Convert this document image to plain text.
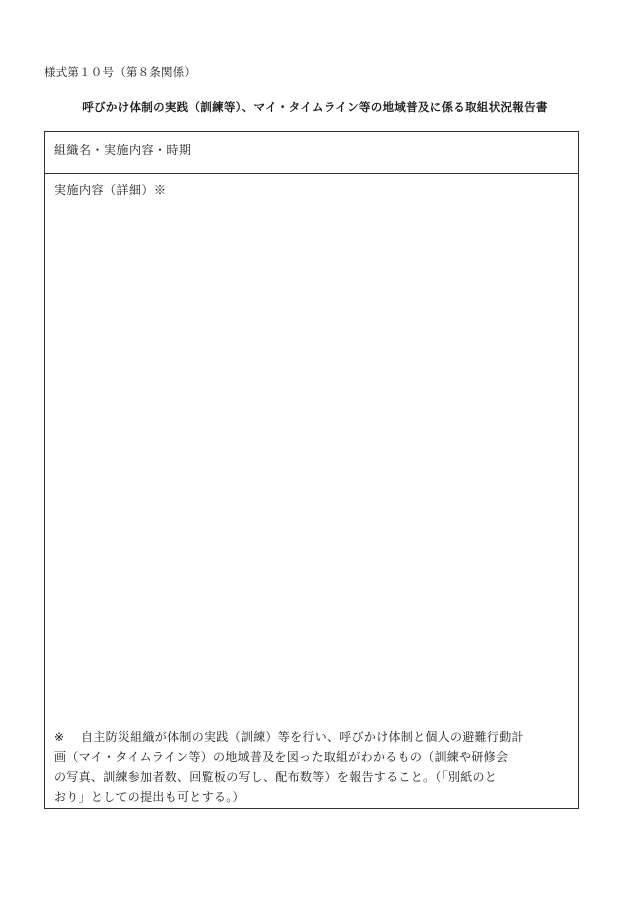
様式第１０号（第８条関係）
呼びかけ体制の実践（訓練等）、マイ・タイムライン等の地域普及に係る取組状況報告書
組織名・実施内容・時期
実施内容（詳細）※
※	自主防災組織が体制の実践（訓練）等を行い、呼びかけ体制と個人の避難行動計
画（マイ・タイムライン等）の地域普及を図った取組がわかるもの（訓練や研修会
の写真、訓練参加者数、回覧板の写し、配布数等）を報告すること。（「別紙のと
おり」としての提出も可とする。）
